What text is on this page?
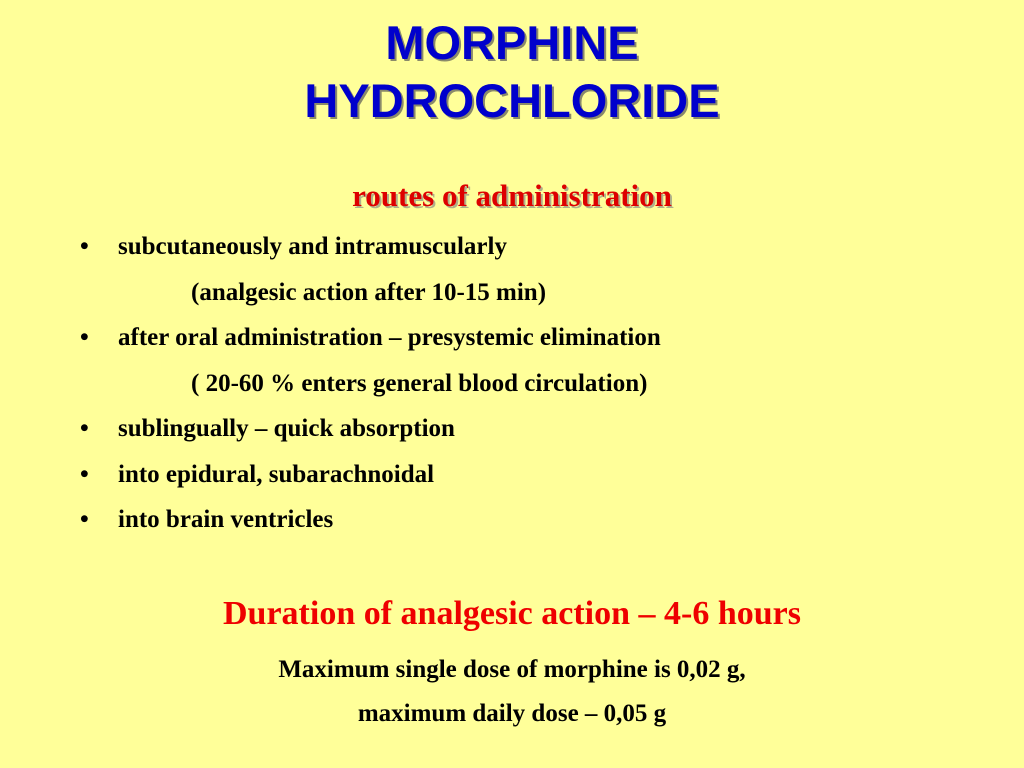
MORPHINE
HYDROCHLORIDE
routes of administration
• subcutaneously and intramuscularly
(analgesic action after 10-15 min)
• after oral administration – presystemic elimination
( 20-60 % enters general blood circulation)
• sublingually – quick absorption
• into epidural, subarachnoidal
• into brain ventricles

Duration of analgesic action – 4-6 hours

Maximum single dose of morphine is 0,02 g,
maximum daily dose – 0,05 g
